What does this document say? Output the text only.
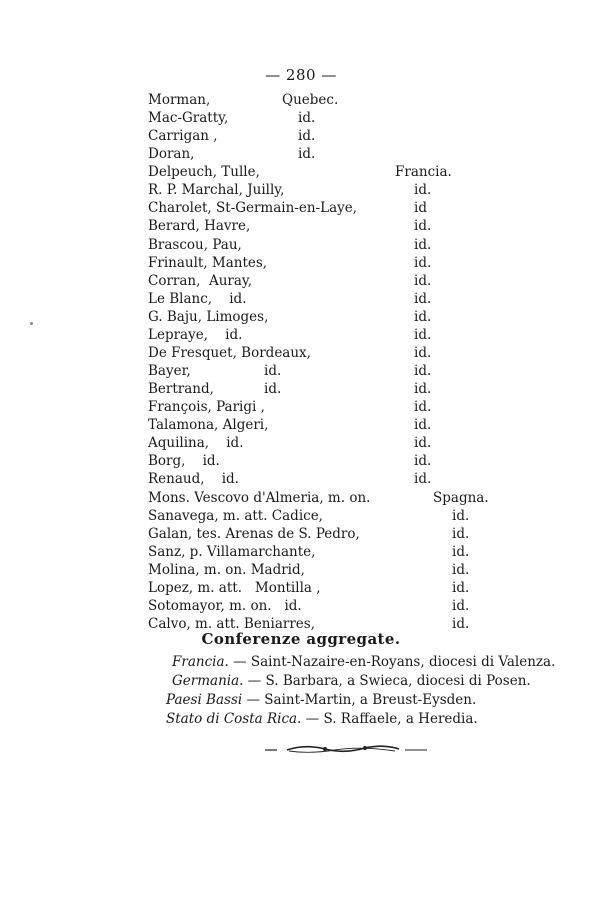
— 280 —
Morman,	Quebec.
Mac-Gratty,	id.
Carrigan ,	id.
Doran,	id.
Delpeuch, Tulle,	Francia.
R. P. Marchal, Juilly,	id.
Charolet, St-Germain-en-Laye,	id
Berard, Havre,	id.
Brascou, Pau,	id.
Frinault, Mantes,	id.
Corran,  Auray,	id.
Le Blanc,    id.	id.
G. Baju, Limoges,	id.
Lepraye,    id.	id.
De Fresquet, Bordeaux,	id.
Bayer,	id.	id.
Bertrand,	id.	id.
François, Parigi ,	id.
Talamona, Algeri,	id.
Aquilina,    id.	id.
Borg,    id.	id.
Renaud,    id.	id.
Mons. Vescovo d'Almeria, m. on.	Spagna.
Sanavega, m. att. Cadice,	id.
Galan, tes. Arenas de S. Pedro,	id.
Sanz, p. Villamarchante,	id.
Molina, m. on. Madrid,	id.
Lopez, m. att.   Montilla ,	id.
Sotomayor, m. on.   id.	id.
Calvo, m. att. Beniarres,	id.
Conferenze aggregate.
Francia. — Saint-Nazaire-en-Royans, diocesi di Valenza.
Germania. — S. Barbara, a Swieca, diocesi di Posen.
Paesi Bassi — Saint-Martin, a Breust-Eysden.
Stato di Costa Rica. — S. Raffaele, a Heredia.
